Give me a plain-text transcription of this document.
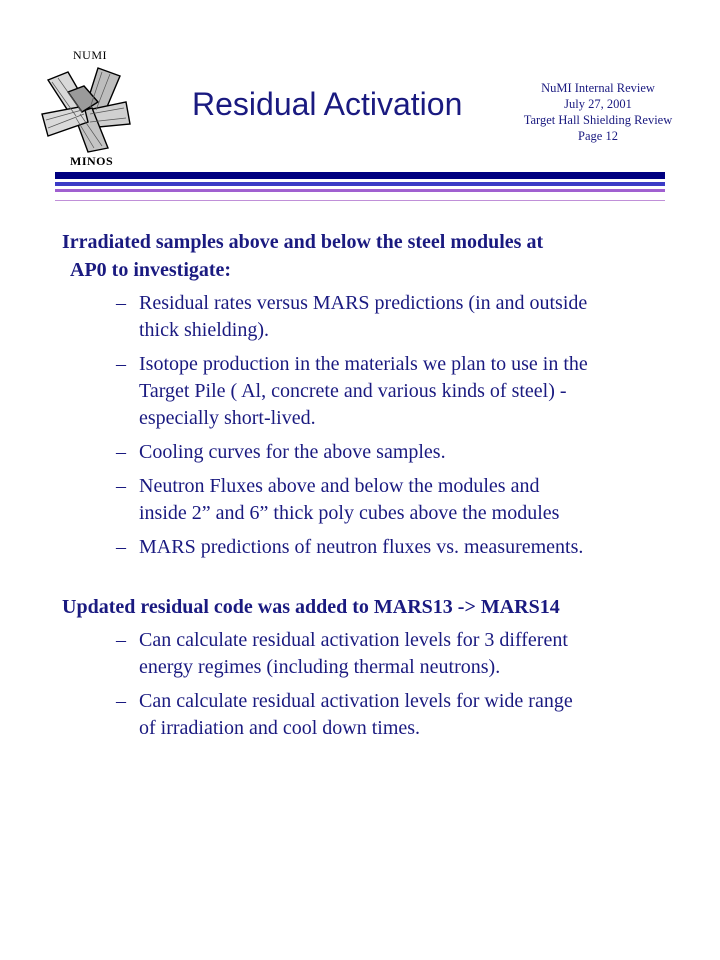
NUMI
MINOS
Residual Activation	NuMI Internal Review
July 27, 2001
Target Hall Shielding Review
Page 12

Irradiated samples above and below the steel modules at
AP0 to investigate:

– Residual rates versus MARS predictions (in and outside
thick shielding).
– Isotope production in the materials we plan to use in the
Target Pile ( Al, concrete and various kinds of steel) -
especially short-lived.
– Cooling curves for the above samples.
– Neutron Fluxes above and below the modules and
inside 2” and 6” thick poly cubes above the modules
– MARS predictions of neutron fluxes vs. measurements.

Updated residual code was added to MARS13 -> MARS14

– Can calculate residual activation levels for 3 different
energy regimes (including thermal neutrons).
– Can calculate residual activation levels for wide range
of irradiation and cool down times.
